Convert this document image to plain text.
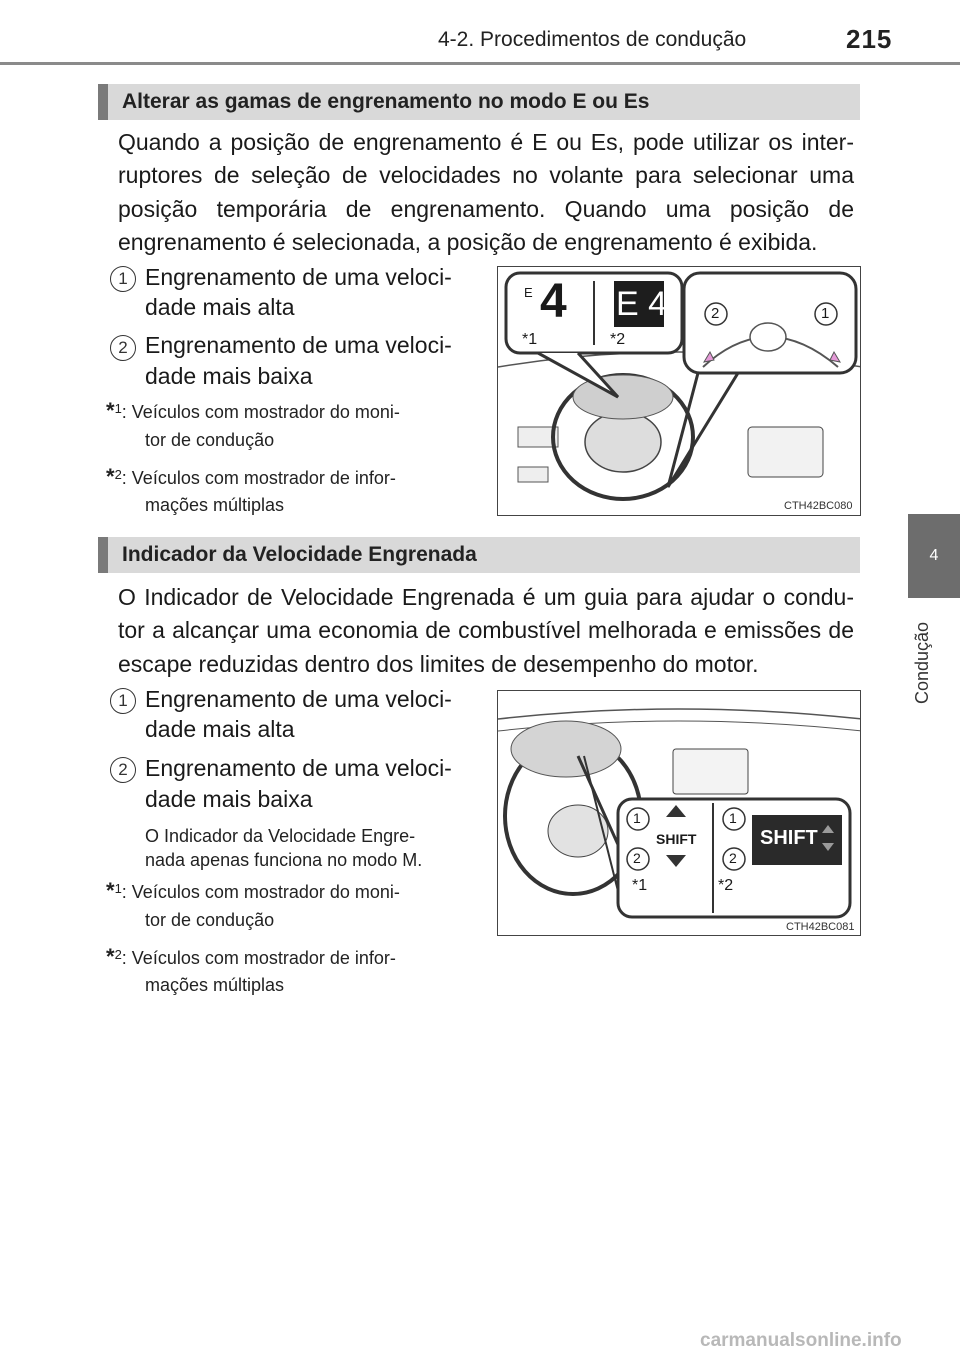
4-2. Procedimentos de condução	215
4
Condução
Alterar as gamas de engrenamento no modo E ou Es
Quando a posição de engrenamento é E ou Es, pode utilizar os inter-ruptores de seleção de velocidades no volante para selecionar uma posição temporária de engrenamento. Quando uma posição de engrenamento é selecionada, a posição de engrenamento é exibida.
1 Engrenamento de uma veloci-
dade mais alta
2 Engrenamento de uma veloci-
dade mais baixa
*$^1$: Veículos com mostrador do moni-
tor de condução
*$^2$: Veículos com mostrador de infor-
mações múltiplas
E 4 E 4
*1	*2
2	1
CTH42BC080
Indicador da Velocidade Engrenada
O Indicador de Velocidade Engrenada é um guia para ajudar o condu-tor a alcançar uma economia de combustível melhorada e emissões de escape reduzidas dentro dos limites de desempenho do motor.
1 Engrenamento de uma veloci-
dade mais alta
2 Engrenamento de uma veloci-
dade mais baixa
O Indicador da Velocidade Engre-
nada apenas funciona no modo M.
*$^1$: Veículos com mostrador do moni-
tor de condução
*$^2$: Veículos com mostrador de infor-
mações múltiplas
SHIFT	SHIFT
1
2
1
2
*1	*2
CTH42BC081
carmanualsonline.info
